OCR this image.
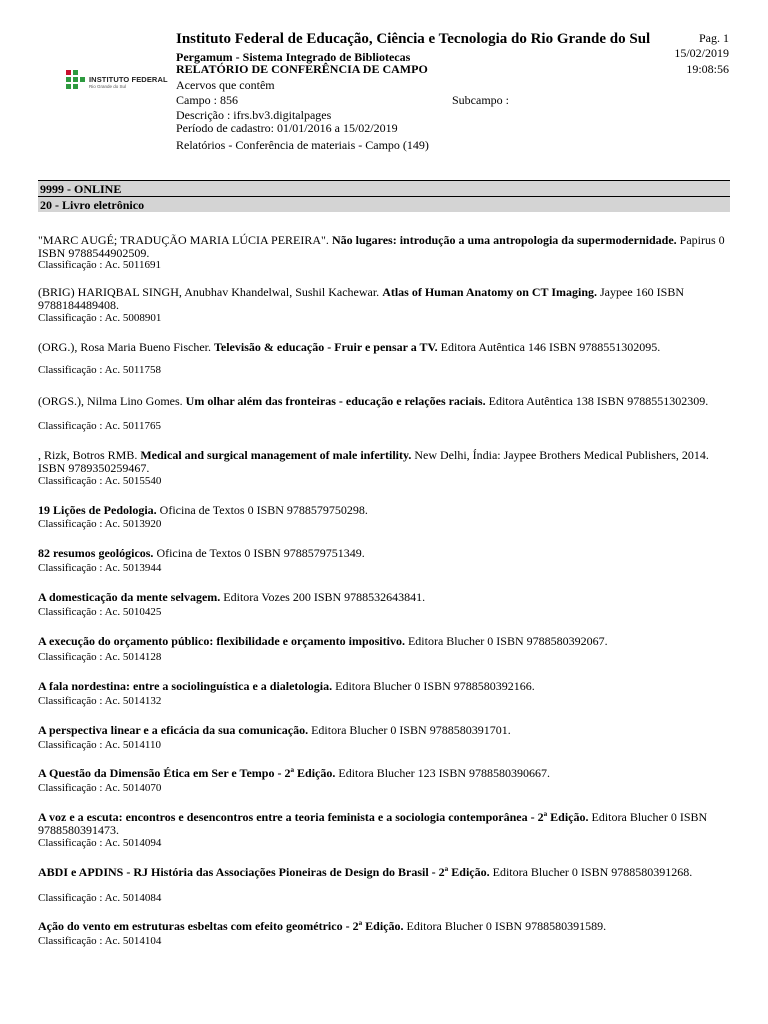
INSTITUTO FEDERAL
Rio Grande do Sul
Instituto Federal de Educação, Ciência e Tecnologia do Rio Grande do Sul
Pergamum - Sistema Integrado de Bibliotecas
RELATÓRIO DE CONFERÊNCIA DE CAMPO
Acervos que contêm
Campo : 856	Subcampo :
Descrição : ifrs.bv3.digitalpages
Período de cadastro: 01/01/2016 a 15/02/2019
Relatórios - Conferência de materiais - Campo (149)
Pag. 1
15/02/2019
19:08:56
9999 - ONLINE
20 - Livro eletrônico
"MARC AUGÉ; TRADUÇÃO MARIA LÚCIA PEREIRA". Não lugares: introdução a uma antropologia da supermodernidade. Papirus 0 ISBN 9788544902509.
Classificação : Ac. 5011691
(BRIG) HARIQBAL SINGH, Anubhav Khandelwal, Sushil Kachewar. Atlas of Human Anatomy on CT Imaging. Jaypee 160 ISBN 9788184489408.
Classificação : Ac. 5008901
(ORG.), Rosa Maria Bueno Fischer. Televisão & educação - Fruir e pensar a TV. Editora Autêntica 146 ISBN 9788551302095.
Classificação : Ac. 5011758
(ORGS.), Nilma Lino Gomes. Um olhar além das fronteiras - educação e relações raciais. Editora Autêntica 138 ISBN 9788551302309.
Classificação : Ac. 5011765
, Rizk, Botros RMB. Medical and surgical management of male infertility. New Delhi, Índia: Jaypee Brothers Medical Publishers, 2014. ISBN 9789350259467.
Classificação : Ac. 5015540
19 Lições de Pedologia. Oficina de Textos 0 ISBN 9788579750298.
Classificação : Ac. 5013920
82 resumos geológicos. Oficina de Textos 0 ISBN 9788579751349.
Classificação : Ac. 5013944
A domesticação da mente selvagem. Editora Vozes 200 ISBN 9788532643841.
Classificação : Ac. 5010425
A execução do orçamento público: flexibilidade e orçamento impositivo. Editora Blucher 0 ISBN 9788580392067.
Classificação : Ac. 5014128
A fala nordestina: entre a sociolinguística e a dialetologia. Editora Blucher 0 ISBN 9788580392166.
Classificação : Ac. 5014132
A perspectiva linear e a eficácia da sua comunicação. Editora Blucher 0 ISBN 9788580391701.
Classificação : Ac. 5014110
A Questão da Dimensão Ética em Ser e Tempo - 2ª Edição. Editora Blucher 123 ISBN 9788580390667.
Classificação : Ac. 5014070
A voz e a escuta: encontros e desencontros entre a teoria feminista e a sociologia contemporânea - 2ª Edição. Editora Blucher 0 ISBN 9788580391473.
Classificação : Ac. 5014094
ABDI e APDINS - RJ História das Associações Pioneiras de Design do Brasil - 2ª Edição. Editora Blucher 0 ISBN 9788580391268.
Classificação : Ac. 5014084
Ação do vento em estruturas esbeltas com efeito geométrico - 2ª Edição. Editora Blucher 0 ISBN 9788580391589.
Classificação : Ac. 5014104
